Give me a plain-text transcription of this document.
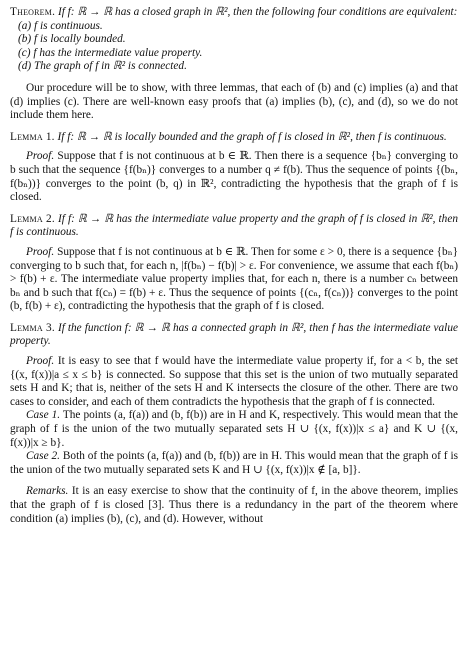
Theorem. If f: ℝ → ℝ has a closed graph in ℝ², then the following four conditions are equivalent:

(a) f is continuous.

(b) f is locally bounded.

(c) f has the intermediate value property.

(d) The graph of f in ℝ² is connected.

Our procedure will be to show, with three lemmas, that each of (b) and (c) implies (a) and that (d) implies (c). There are well-known easy proofs that (a) implies (b), (c), and (d), so we do not include them here.

Lemma 1. If f: ℝ → ℝ is locally bounded and the graph of f is closed in ℝ², then f is continuous.

Proof. Suppose that f is not continuous at b ∈ ℝ. Then there is a sequence {bₙ} converging to b such that the sequence {f(bₙ)} converges to a number q ≠ f(b). Thus the sequence of points {(bₙ, f(bₙ))} converges to the point (b, q) in ℝ², contradicting the hypothesis that the graph of f is closed.

Lemma 2. If f: ℝ → ℝ has the intermediate value property and the graph of f is closed in ℝ², then f is continuous.

Proof. Suppose that f is not continuous at b ∈ ℝ. Then for some ε > 0, there is a sequence {bₙ} converging to b such that, for each n, |f(bₙ) − f(b)| > ε. For convenience, we assume that each f(bₙ) > f(b) + ε. The intermediate value property implies that, for each n, there is a number cₙ between bₙ and b such that f(cₙ) = f(b) + ε. Thus the sequence of points {(cₙ, f(cₙ))} converges to the point (b, f(b) + ε), contradicting the hypothesis that the graph of f is closed.

Lemma 3. If the function f: ℝ → ℝ has a connected graph in ℝ², then f has the intermediate value property.

Proof. It is easy to see that f would have the intermediate value property if, for a < b, the set {(x, f(x))|a ≤ x ≤ b} is connected. So suppose that this set is the union of two mutually separated sets H and K; that is, neither of the sets H and K intersects the closure of the other. There are two cases to consider, and each of them contradicts the hypothesis that the graph of f is connected.

Case 1. The points (a, f(a)) and (b, f(b)) are in H and K, respectively. This would mean that the graph of f is the union of the two mutually separated sets H ∪ {(x, f(x))|x ≤ a} and K ∪ {(x, f(x))|x ≥ b}.

Case 2. Both of the points (a, f(a)) and (b, f(b)) are in H. This would mean that the graph of f is the union of the two mutually separated sets K and H ∪ {(x, f(x))|x ∉ [a, b]}.

Remarks. It is an easy exercise to show that the continuity of f, in the above theorem, implies that the graph of f is closed [3]. Thus there is a redundancy in the part of the theorem where condition (a) implies (b), (c), and (d). However, without
